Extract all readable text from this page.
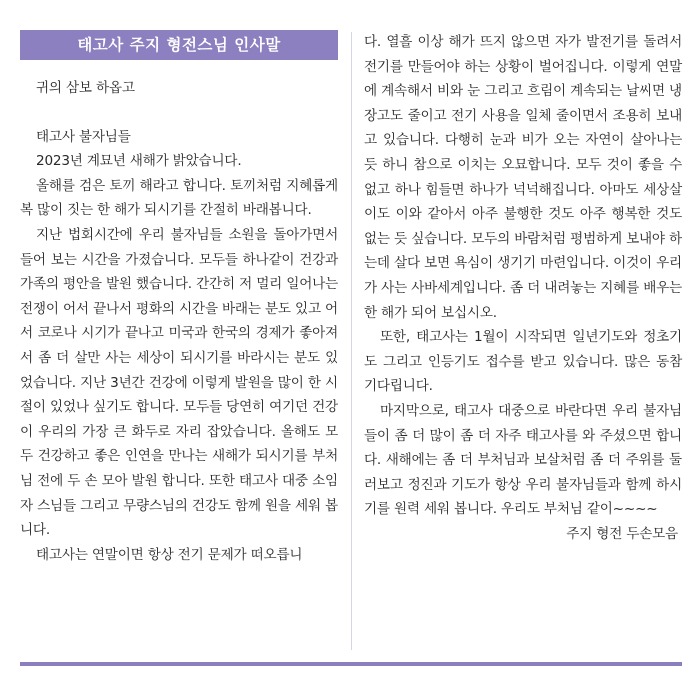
태고사 주지 형전스님 인사말

귀의 삼보 하옵고

태고사 불자님들

2023년 계묘년 새해가 밝았습니다.

올해를 검은 토끼 해라고 합니다. 토끼처럼 지혜롭게 복 많이 짓는 한 해가 되시기를 간절히 바래봅니다.

지난 법회시간에 우리 불자님들 소원을 돌아가면서 들어 보는 시간을 가졌습니다. 모두들 하나같이 건강과 가족의 평안을 발원 했습니다. 간간히 저 멀리 일어나는 전쟁이 어서 끝나서 평화의 시간을 바래는 분도 있고 어서 코로나 시기가 끝나고 미국과 한국의 경제가 좋아져서 좀 더 살만 사는 세상이 되시기를 바라시는 분도 있었습니다. 지난 3년간 건강에 이렇게 발원을 많이 한 시절이 있었나 싶기도 합니다. 모두들 당연히 여기던 건강이 우리의 가장 큰 화두로 자리 잡았습니다. 올해도 모두 건강하고 좋은 인연을 만나는 새해가 되시기를 부처님 전에 두 손 모아 발원 합니다. 또한 태고사 대중 소임자 스님들 그리고 무량스님의 건강도 함께 원을 세워 봅니다.

태고사는 연말이면 항상 전기 문제가 떠오릅니

다. 열흘 이상 해가 뜨지 않으면 자가 발전기를 돌려서 전기를 만들어야 하는 상황이 벌어집니다. 이렇게 연말에 계속해서 비와 눈 그리고 흐림이 계속되는 날씨면 냉장고도 줄이고 전기 사용을 일체 줄이면서 조용히 보내고 있습니다. 다행히 눈과 비가 오는 자연이 살아나는 듯 하니 참으로 이치는 오묘합니다. 모두 것이 좋을 수 없고 하나 힘들면 하나가 넉넉해집니다. 아마도 세상살이도 이와 같아서 아주 불행한 것도 아주 행복한 것도 없는 듯 싶습니다. 모두의 바람처럼 평범하게 보내야 하는데 살다 보면 욕심이 생기기 마련입니다. 이것이 우리가 사는 사바세계입니다. 좀 더 내려놓는 지혜를 배우는 한 해가 되어 보십시오.

또한, 태고사는 1월이 시작되면 일년기도와 정초기도 그리고 인등기도 접수를 받고 있습니다. 많은 동참 기다립니다.

마지막으로, 태고사 대중으로 바란다면 우리 불자님들이 좀 더 많이 좀 더 자주 태고사를 와 주셨으면 합니다. 새해에는 좀 더 부처님과 보살처럼 좀 더 주위를 둘러보고 정진과 기도가 항상 우리 불자님들과 함께 하시기를 원력 세워 봅니다. 우리도 부처님 같이~~~~

주지 형전 두손모음
